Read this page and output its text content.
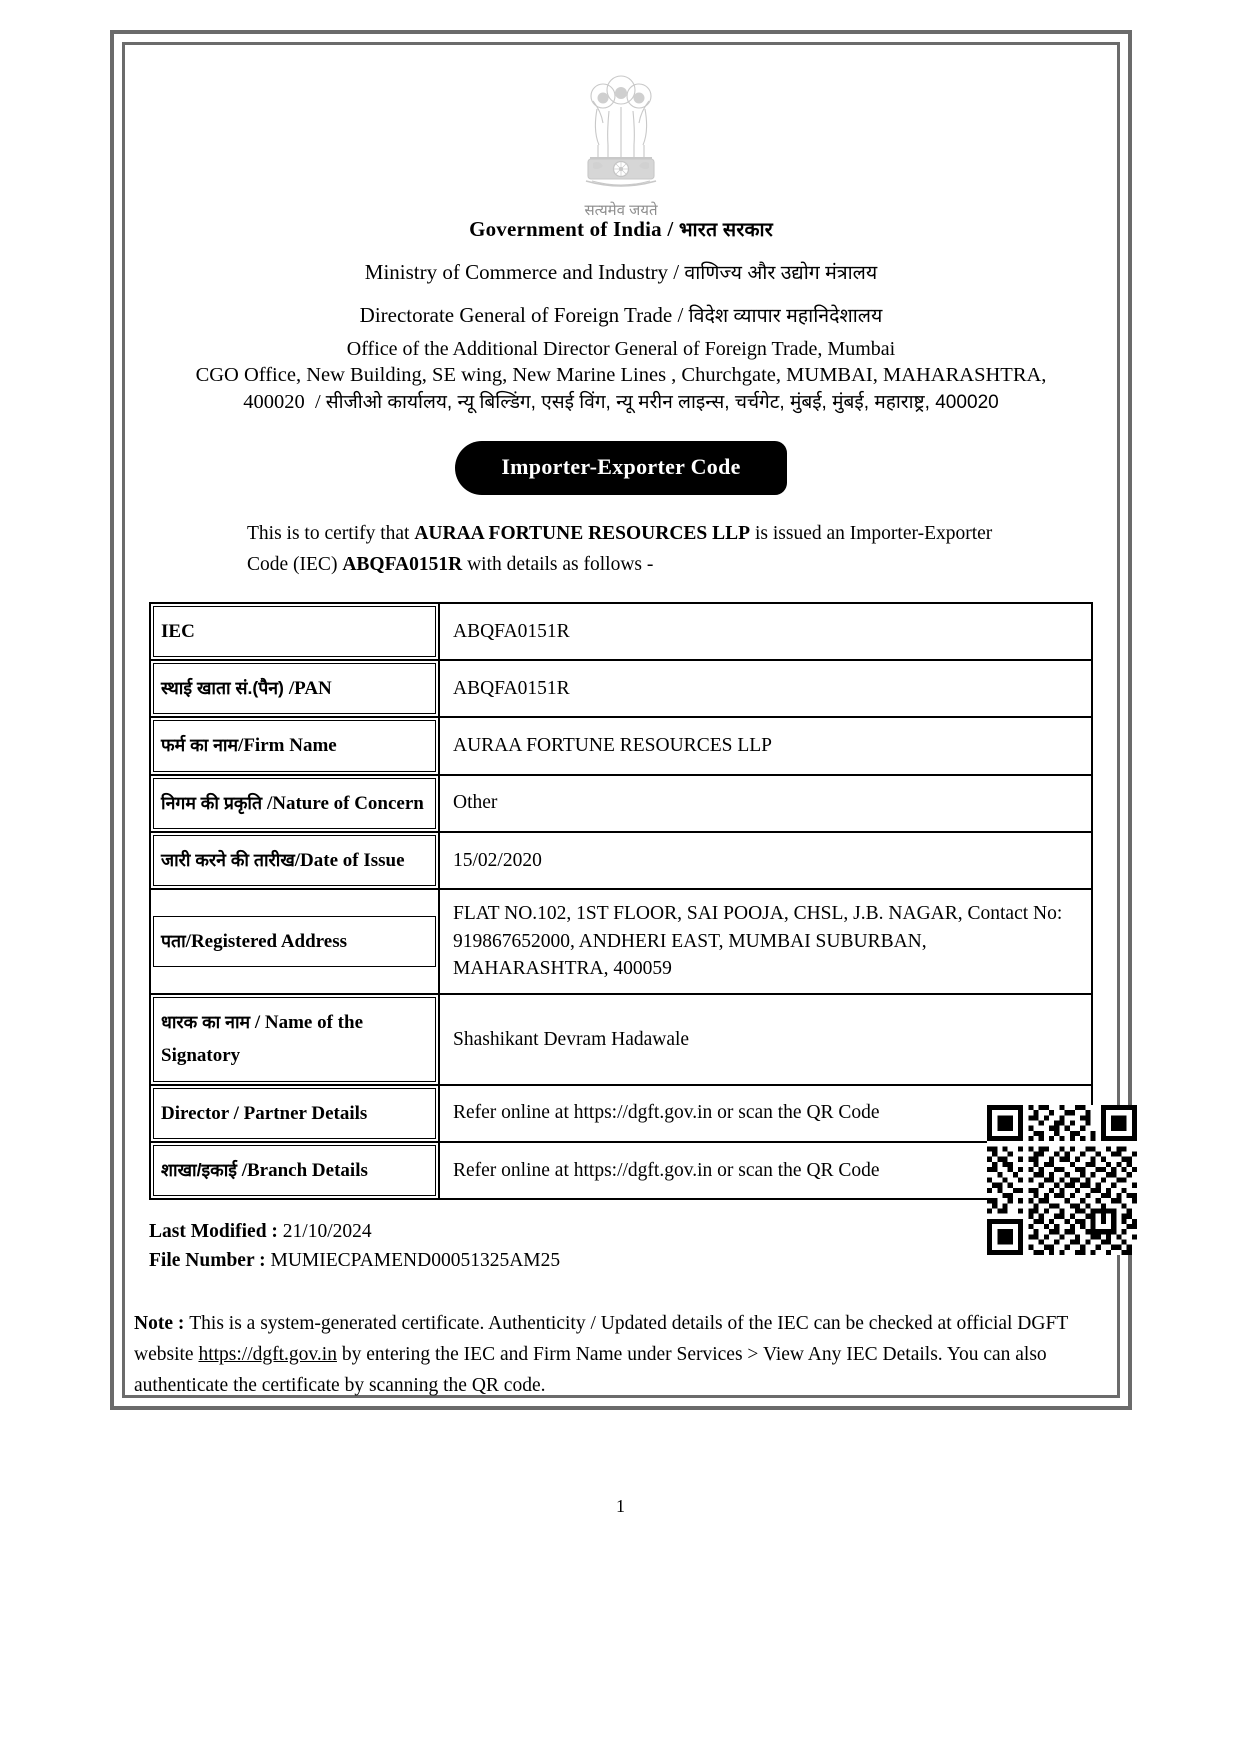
सत्यमेव जयते
Government of India / भारत सरकार
Ministry of Commerce and Industry / वाणिज्य और उद्योग मंत्रालय
Directorate General of Foreign Trade / विदेश व्यापार महानिदेशालय
Office of the Additional Director General of Foreign Trade, Mumbai
CGO Office, New Building, SE wing, New Marine Lines , Churchgate, MUMBAI, MAHARASHTRA, 400020  / सीजीओ कार्यालय, न्यू बिल्डिंग, एसई विंग, न्यू मरीन लाइन्स, चर्चगेट, मुंबई, मुंबई, महाराष्ट्र, 400020
Importer-Exporter Code
This is to certify that AURAA FORTUNE RESOURCES LLP is issued an Importer-Exporter Code (IEC) ABQFA0151R with details as follows -
IEC	ABQFA0151R

स्थाई खाता सं.(पैन) /PAN	ABQFA0151R

फर्म का नाम/Firm Name	AURAA FORTUNE RESOURCES LLP

निगम की प्रकृति /Nature of Concern	Other

जारी करने की तारीख/Date of Issue	15/02/2020

पता/Registered Address	FLAT NO.102, 1ST FLOOR, SAI POOJA, CHSL, J.B. NAGAR, Contact No: 919867652000, ANDHERI EAST, MUMBAI SUBURBAN, MAHARASHTRA, 400059

धारक का नाम / Name of the Signatory	Shashikant Devram Hadawale

Director / Partner Details	Refer online at https://dgft.gov.in or scan the QR Code

शाखा/इकाई /Branch Details	Refer online at https://dgft.gov.in or scan the QR Code
Last Modified : 21/10/2024
File Number : MUMIECPAMEND00051325AM25
Note : This is a system-generated certificate. Authenticity / Updated details of the IEC can be checked at official DGFT website https://dgft.gov.in by entering the IEC and Firm Name under Services > View Any IEC Details. You can also authenticate the certificate by scanning the QR code.
1
